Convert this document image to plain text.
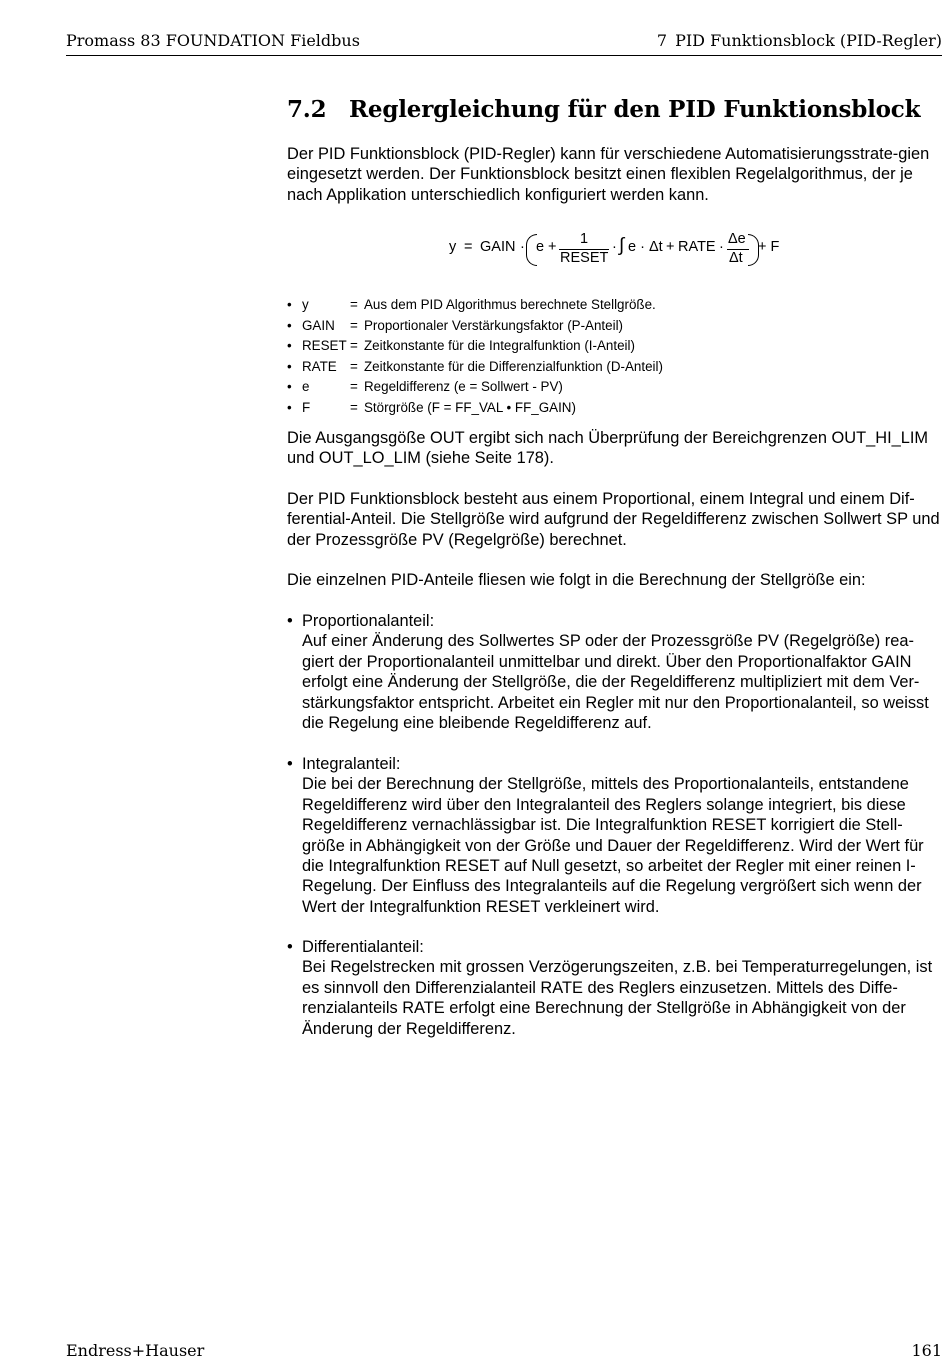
Promass 83 FOUNDATION Fieldbus	7 PID Funktionsblock (PID-Regler)
7.2 Reglergleichung für den PID Funktionsblock

Der PID Funktionsblock (PID-Regler) kann für verschiedene Automatisierungsstrate-gien eingesetzt werden. Der Funktionsblock besitzt einen flexiblen Regelalgorithmus, der je nach Applikation unterschiedlich konfiguriert werden kann.

y = GAIN · e + 1
RESET
· ∫ e · Δt + RATE · Δe
Δt
+ F
• y	= Aus dem PID Algorithmus berechnete Stellgröße.
• GAIN = Proportionaler Verstärkungsfaktor (P-Anteil)
• RESET = Zeitkonstante für die Integralfunktion (I-Anteil)
• RATE = Zeitkonstante für die Differenzialfunktion (D-Anteil)
• e	= Regeldifferenz (e = Sollwert - PV)
• F	= Störgröße (F = FF_VAL • FF_GAIN)

Die Ausgangsgöße OUT ergibt sich nach Überprüfung der Bereichgrenzen OUT_HI_LIM und OUT_LO_LIM (siehe Seite 178).

Der PID Funktionsblock besteht aus einem Proportional, einem Integral und einem Dif-ferential-Anteil. Die Stellgröße wird aufgrund der Regeldifferenz zwischen Sollwert SP und der Prozessgröße PV (Regelgröße) berechnet.

Die einzelnen PID-Anteile fliesen wie folgt in die Berechnung der Stellgröße ein:

• Proportionalanteil:

Auf einer Änderung des Sollwertes SP oder der Prozessgröße PV (Regelgröße) rea-giert der Proportionalanteil unmittelbar und direkt. Über den Proportionalfaktor GAIN erfolgt eine Änderung der Stellgröße, die der Regeldifferenz multipliziert mit dem Ver-stärkungsfaktor entspricht. Arbeitet ein Regler mit nur den Proportionalanteil, so weisst die Regelung eine bleibende Regeldifferenz auf.

• Integralanteil:

Die bei der Berechnung der Stellgröße, mittels des Proportionalanteils, entstandene Regeldifferenz wird über den Integralanteil des Reglers solange integriert, bis diese Regeldifferenz vernachlässigbar ist. Die Integralfunktion RESET korrigiert die Stell-größe in Abhängigkeit von der Größe und Dauer der Regeldifferenz. Wird der Wert für die Integralfunktion RESET auf Null gesetzt, so arbeitet der Regler mit einer reinen I-Regelung. Der Einfluss des Integralanteils auf die Regelung vergrößert sich wenn der Wert der Integralfunktion RESET verkleinert wird.

• Differentialanteil:

Bei Regelstrecken mit grossen Verzögerungszeiten, z.B. bei Temperaturregelungen, ist es sinnvoll den Differenzialanteil RATE des Reglers einzusetzen. Mittels des Diffe-renzialanteils RATE erfolgt eine Berechnung der Stellgröße in Abhängigkeit von der Änderung der Regeldifferenz.

Endress+Hauser	161
